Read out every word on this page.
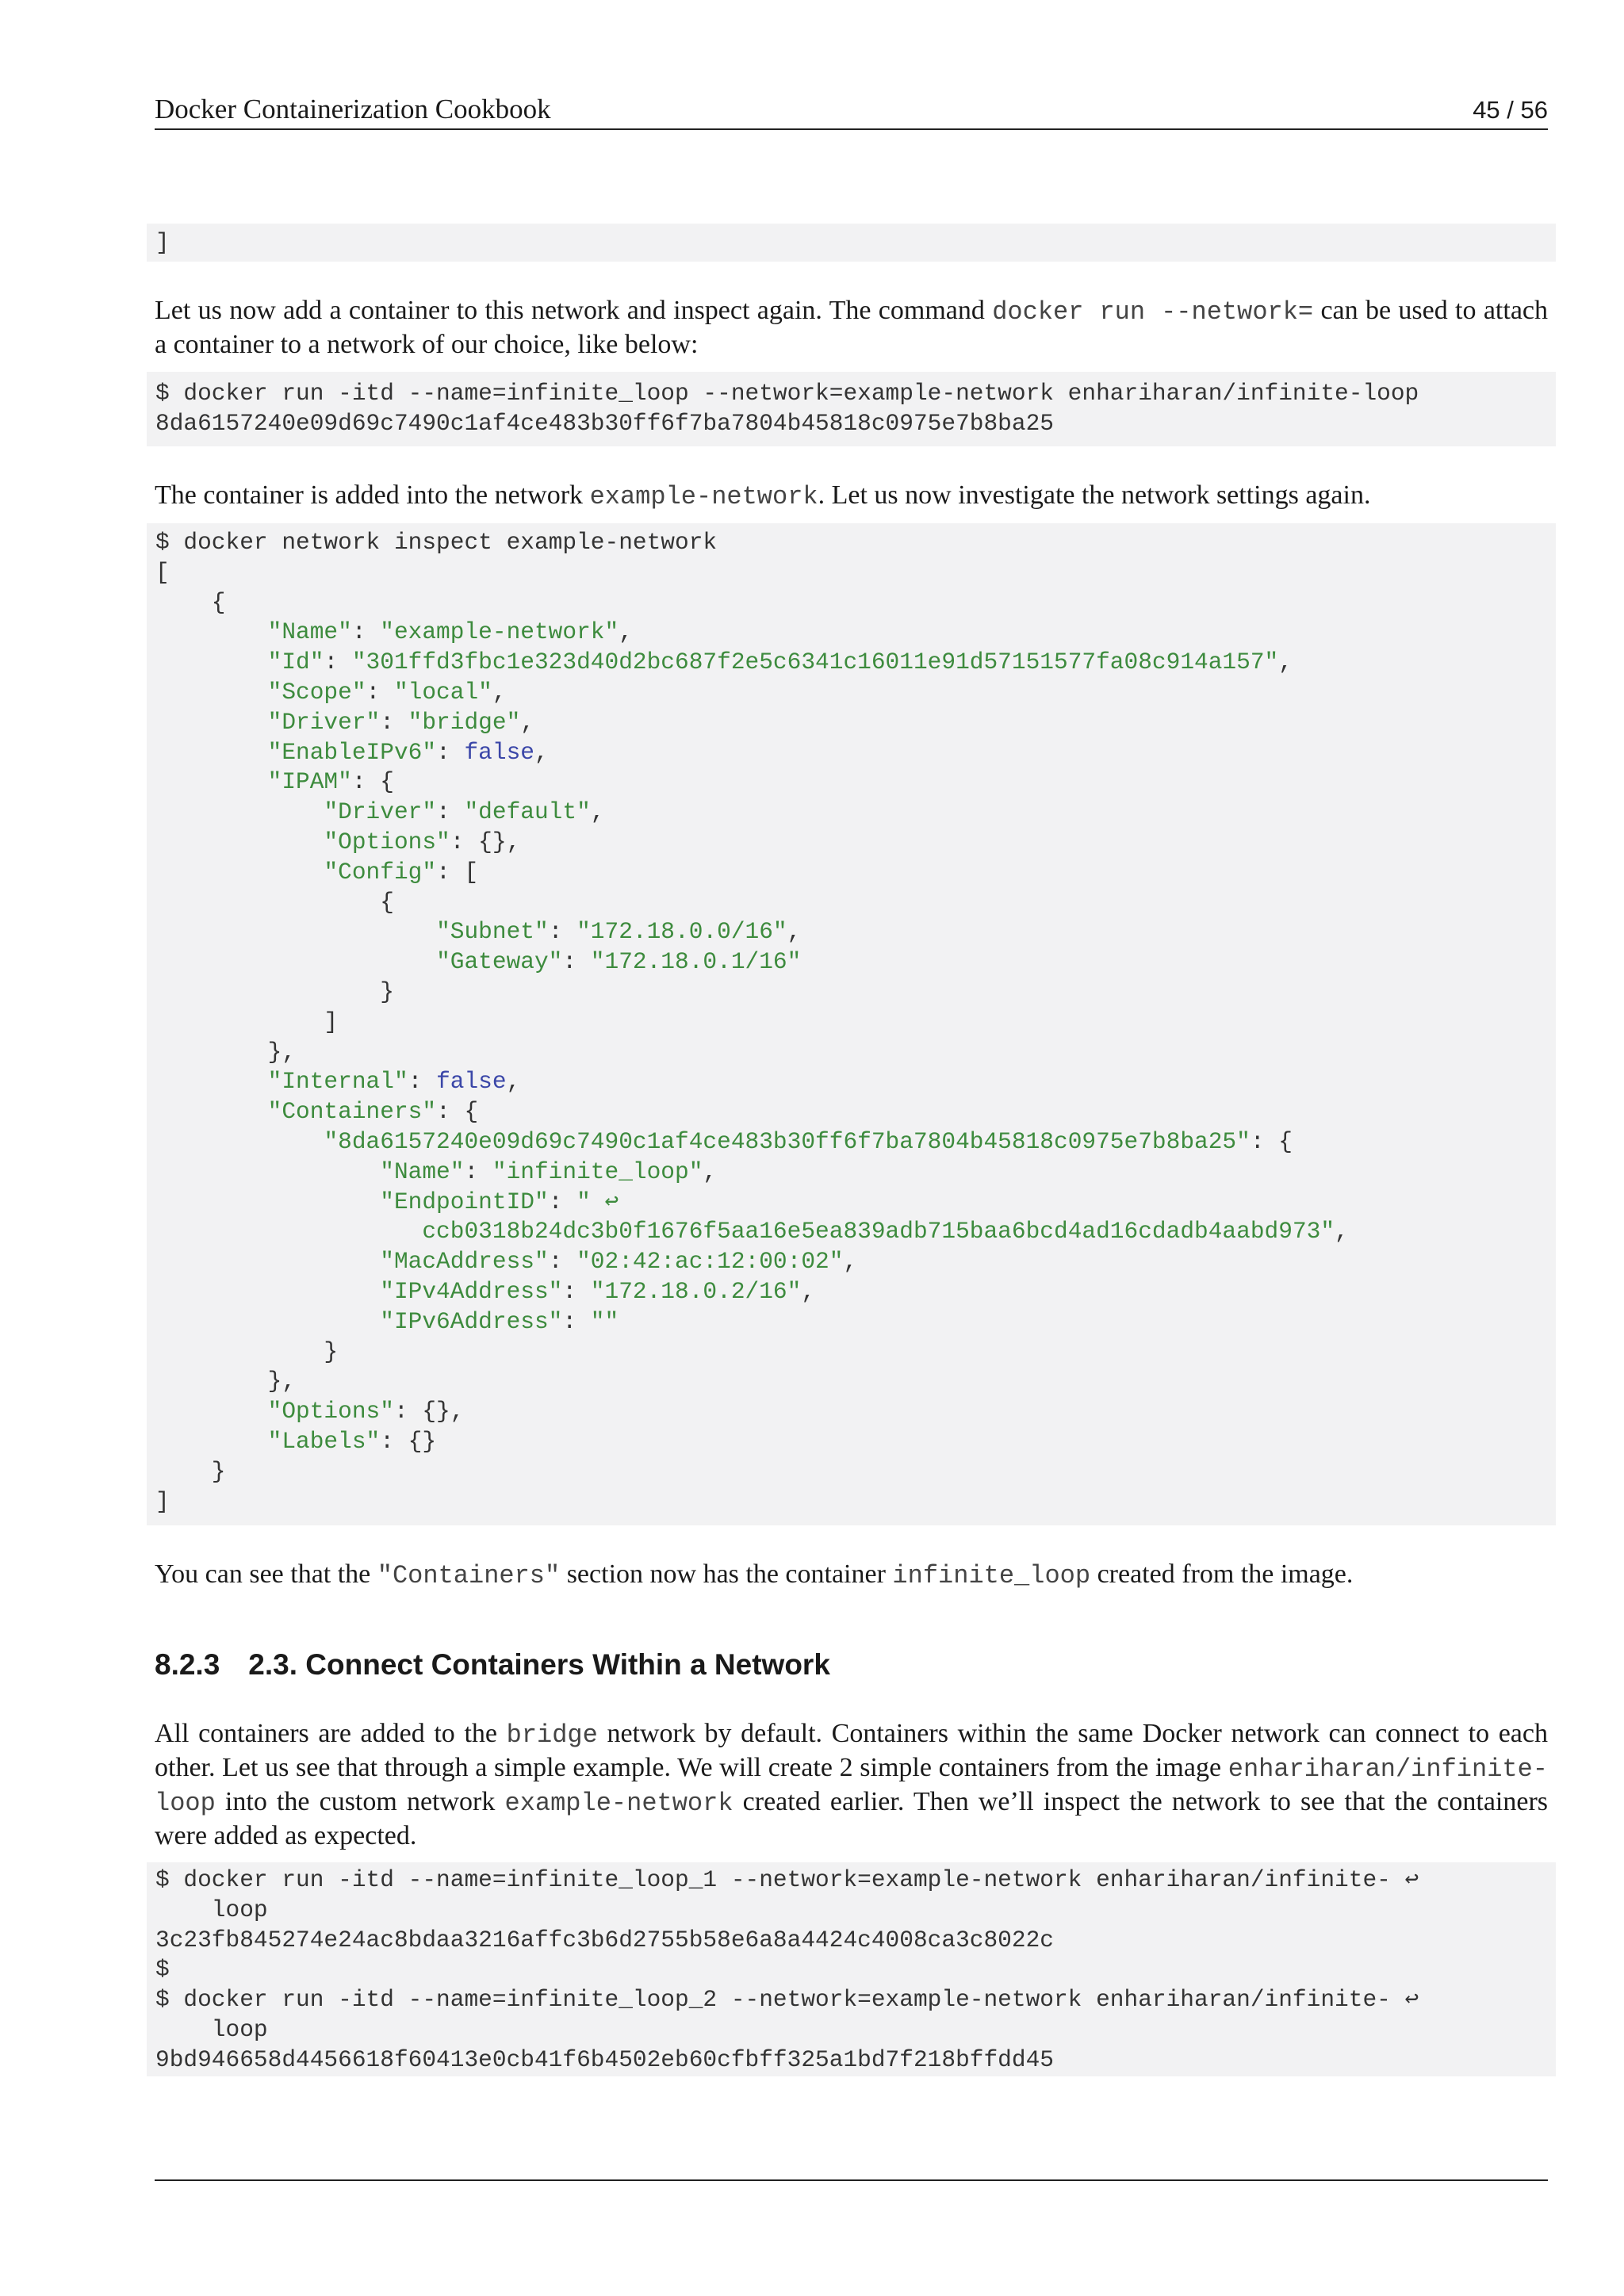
Docker Containerization Cookbook	45 / 56
]

Let us now add a container to this network and inspect again. The command docker run --network= can be used to attach a container to a network of our choice, like below:

$ docker run -itd --name=infinite_loop --network=example-network enhariharan/infinite-loop
8da6157240e09d69c7490c1af4ce483b30ff6f7ba7804b45818c0975e7b8ba25

The container is added into the network example-network. Let us now investigate the network settings again.

$ docker network inspect example-network
[
{
"Name": "example-network",
"Id": "301ffd3fbc1e323d40d2bc687f2e5c6341c16011e91d57151577fa08c914a157",
"Scope": "local",
"Driver": "bridge",
"EnableIPv6": false,
"IPAM": {
"Driver": "default",
"Options": {},
"Config": [
{
"Subnet": "172.18.0.0/16",
"Gateway": "172.18.0.1/16"
}
]
},
"Internal": false,
"Containers": {
"8da6157240e09d69c7490c1af4ce483b30ff6f7ba7804b45818c0975e7b8ba25": {
"Name": "infinite_loop",
"EndpointID": " ↩
ccb0318b24dc3b0f1676f5aa16e5ea839adb715baa6bcd4ad16cdadb4aabd973",
"MacAddress": "02:42:ac:12:00:02",
"IPv4Address": "172.18.0.2/16",
"IPv6Address": ""
}
},
"Options": {},
"Labels": {}
}
]

You can see that the "Containers" section now has the container infinite_loop created from the image.

8.2.3 2.3. Connect Containers Within a Network

All containers are added to the bridge network by default. Containers within the same Docker network can connect to each other. Let us see that through a simple example. We will create 2 simple containers from the image enhariharan/infinite-loop into the custom network example-network created earlier. Then we’ll inspect the network to see that the containers were added as expected.

$ docker run -itd --name=infinite_loop_1 --network=example-network enhariharan/infinite- ↩
loop
3c23fb845274e24ac8bdaa3216affc3b6d2755b58e6a8a4424c4008ca3c8022c
$
$ docker run -itd --name=infinite_loop_2 --network=example-network enhariharan/infinite- ↩
loop
9bd946658d4456618f60413e0cb41f6b4502eb60cfbff325a1bd7f218bffdd45
